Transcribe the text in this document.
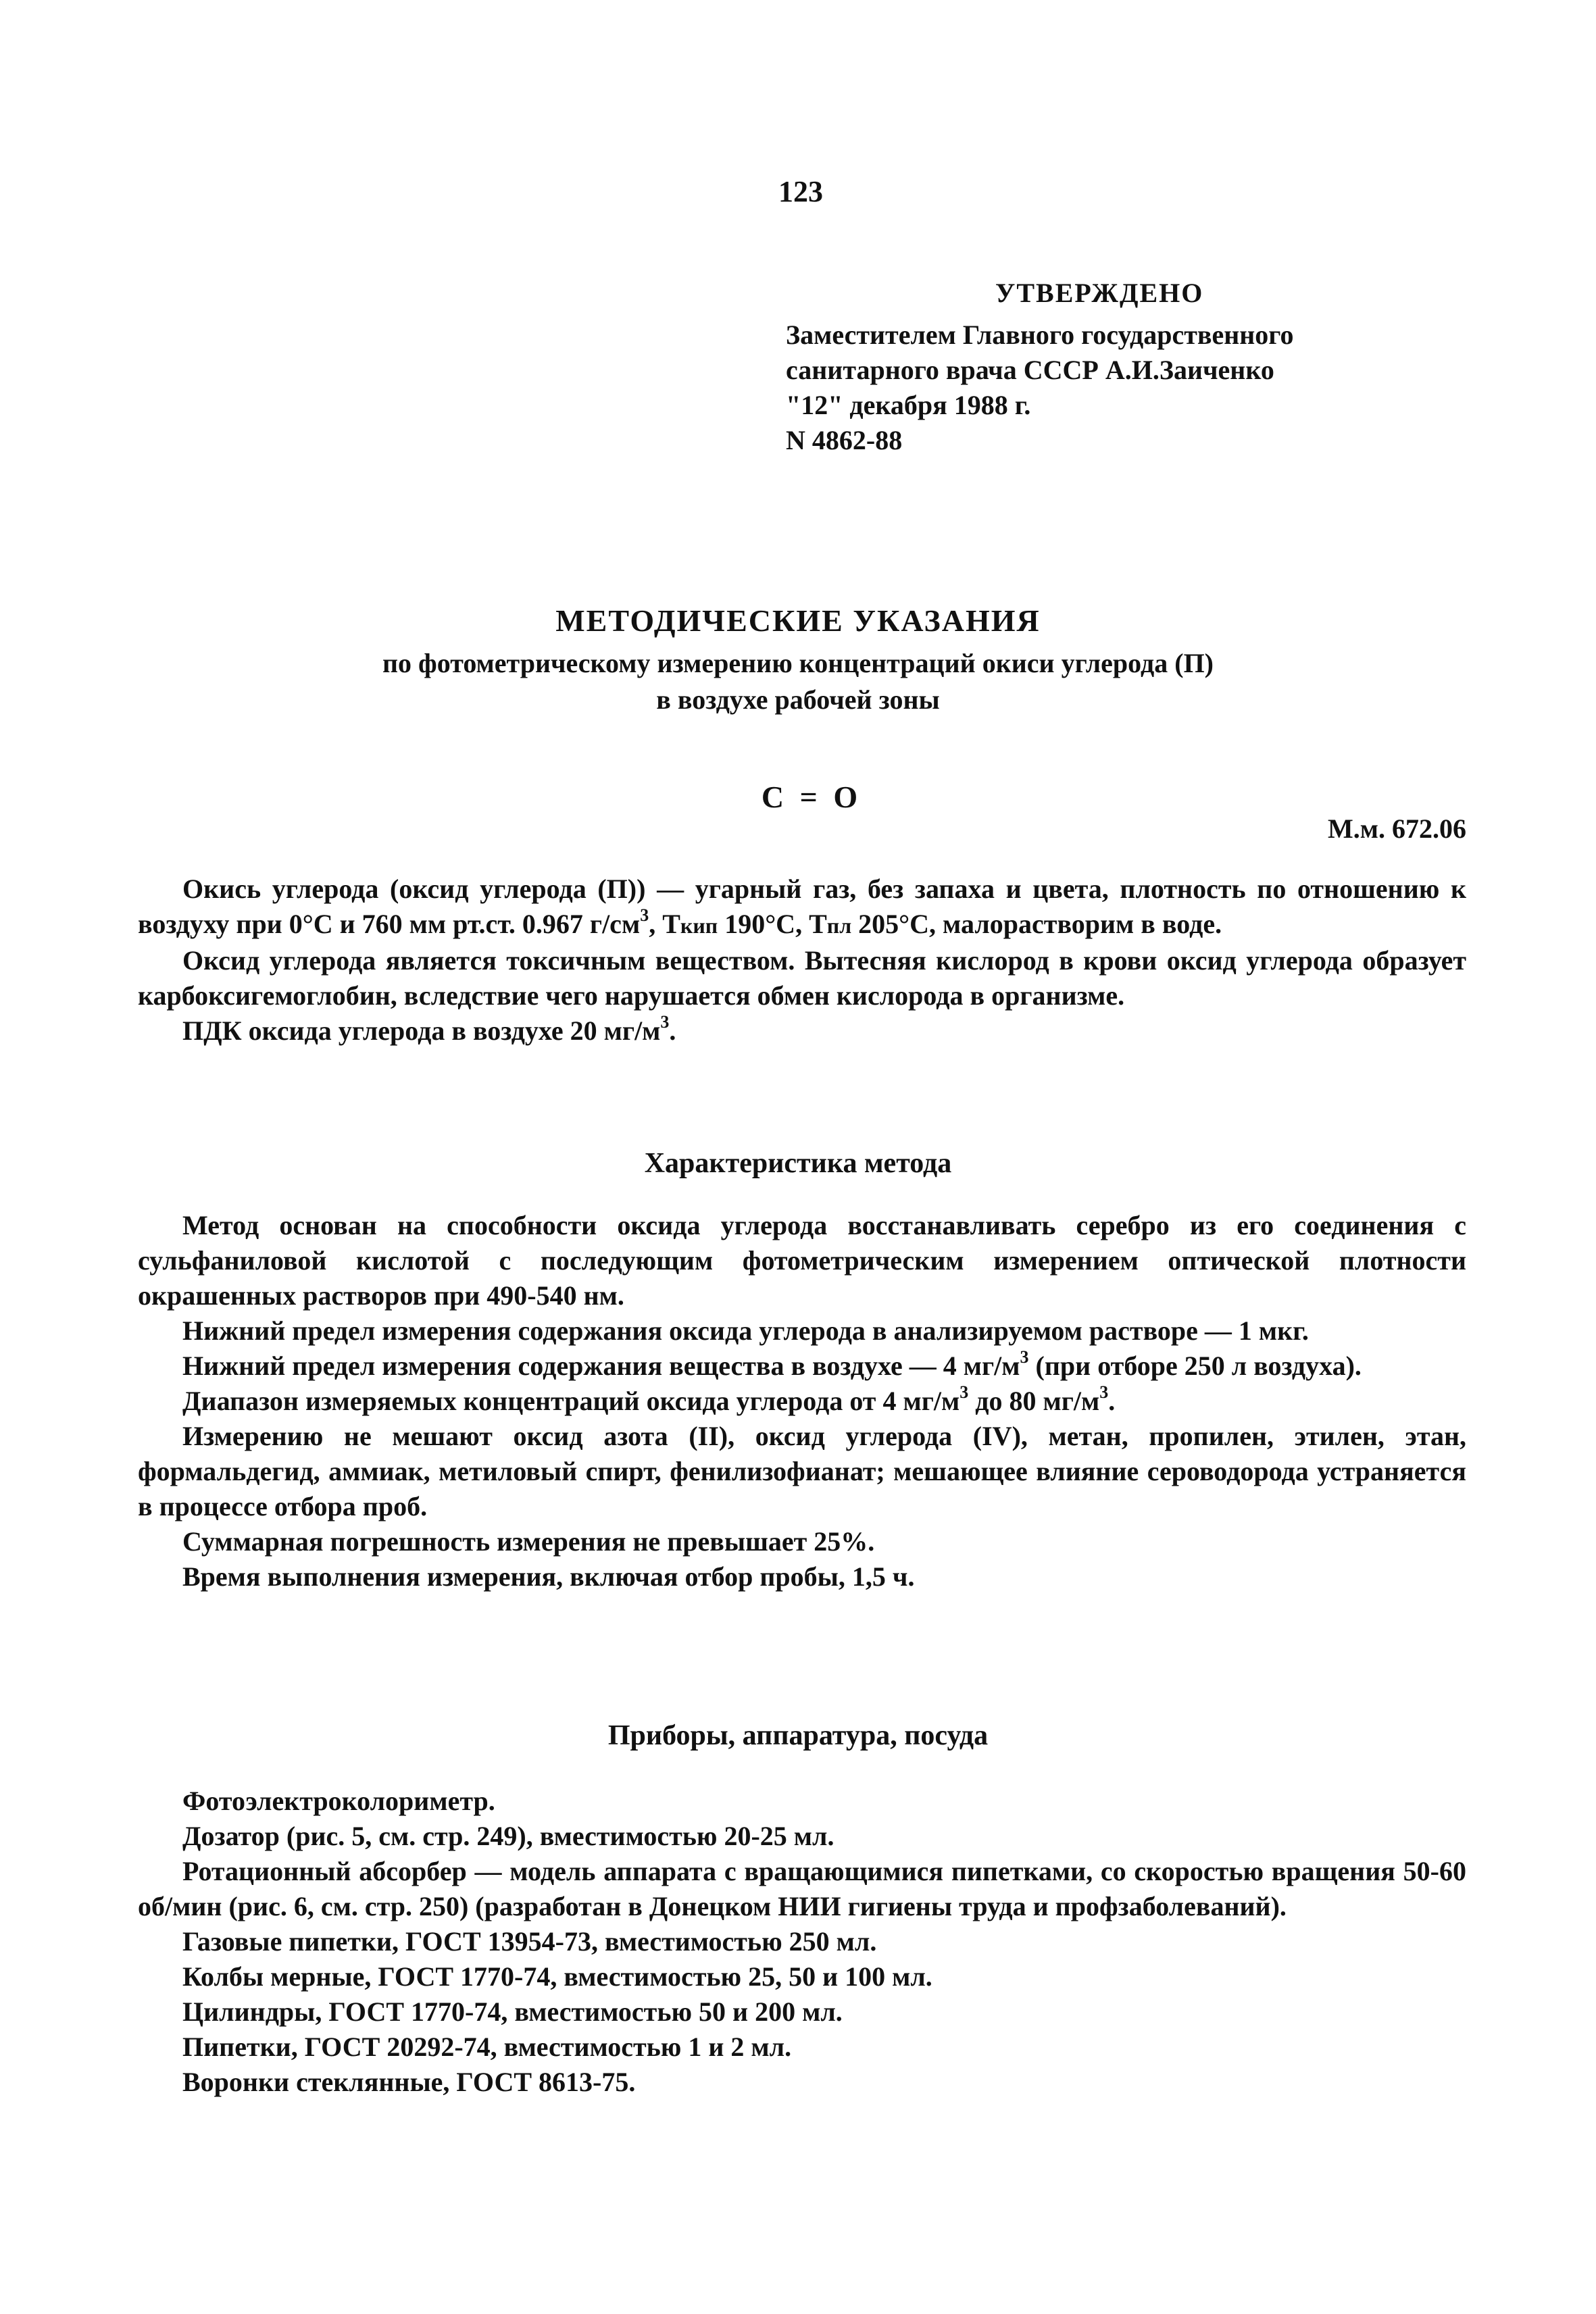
123
УТВЕРЖДЕНО
Заместителем Главного государственного
санитарного врача СССР А.И.Заиченко
"12" декабря 1988 г.
N 4862-88
МЕТОДИЧЕСКИЕ УКАЗАНИЯ
по фотометрическому измерению концентраций окиси углерода (П)
в воздухе рабочей зоны
С = О
М.м. 672.06

Окись углерода (оксид углерода (П)) — угарный газ, без запаха и цвета, плотность по отношению к воздуху при 0°С и 760 мм рт.ст. 0.967 $г/см^3$, Ткип 190°С, Тпл 205°С, малорастворим в воде.

Оксид углерода является токсичным веществом. Вытесняя кислород в крови оксид углерода образует карбоксигемоглобин, вследствие чего нарушается обмен кислорода в организме.

ПДК оксида углерода в воздухе 20 $мг/м^3$.

Характеристика метода

Метод основан на способности оксида углерода восстанавливать серебро из его соединения с сульфаниловой кислотой с последующим фотометрическим измерением оптической плотности окрашенных растворов при 490-540 нм.

Нижний предел измерения содержания оксида углерода в анализируемом растворе — 1 мкг.

Нижний предел измерения содержания вещества в воздухе — 4 $мг/м^3$ (при отборе 250 л воздуха).

Диапазон измеряемых концентраций оксида углерода от 4 $мг/м^3$ до 80 $мг/м^3$.

Измерению не мешают оксид азота (II), оксид углерода (IV), метан, пропилен, этилен, этан, формальдегид, аммиак, метиловый спирт, фенилизофианат; мешающее влияние сероводорода устраняется в процессе отбора проб.

Суммарная погрешность измерения не превышает 25%.

Время выполнения измерения, включая отбор пробы, 1,5 ч.

Приборы, аппаратура, посуда

Фотоэлектроколориметр.

Дозатор (рис. 5, см. стр. 249), вместимостью 20-25 мл.

Ротационный абсорбер — модель аппарата с вращающимися пипетками, со скоростью вращения 50-60 об/мин (рис. 6, см. стр. 250) (разработан в Донецком НИИ гигиены труда и профзаболеваний).

Газовые пипетки, ГОСТ 13954-73, вместимостью 250 мл.

Колбы мерные, ГОСТ 1770-74, вместимостью 25, 50 и 100 мл.

Цилиндры, ГОСТ 1770-74, вместимостью 50 и 200 мл.

Пипетки, ГОСТ 20292-74, вместимостью 1 и 2 мл.

Воронки стеклянные, ГОСТ 8613-75.
